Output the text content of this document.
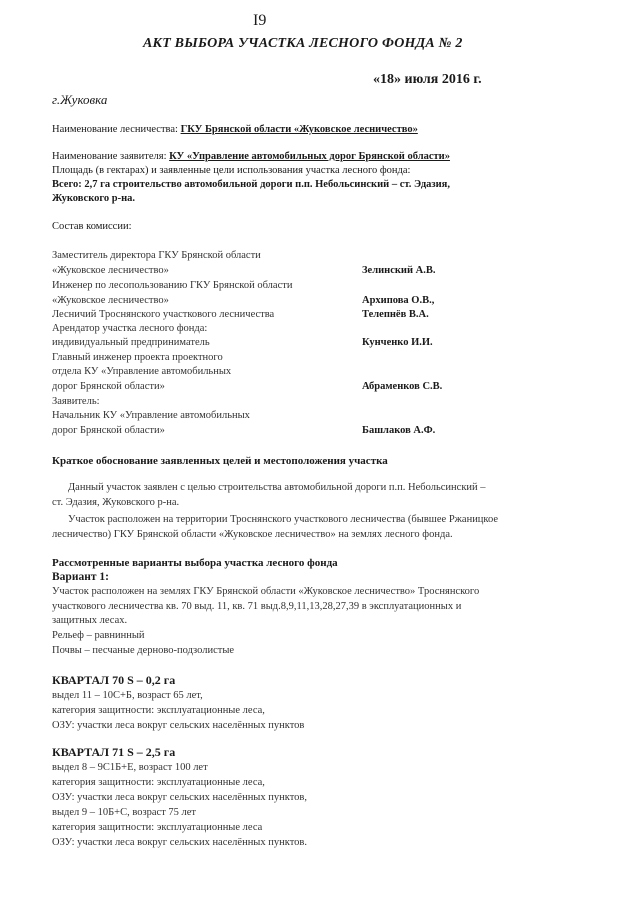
I9
АКТ ВЫБОРА УЧАСТКА ЛЕСНОГО ФОНДА № 2
«18» июля 2016 г.
г.Жуковка
Наименование лесничества: ГКУ Брянской области «Жуковское лесничество»
Наименование заявителя: КУ «Управление автомобильных дорог Брянской области»
Площадь (в гектарах) и заявленные цели использования участка лесного фонда:
Всего: 2,7 га строительство автомобильной дороги п.п. Небольсинский – ст. Эдазия,
Жуковского р-на.
Состав комиссии:
Заместитель директора ГКУ Брянской области
«Жуковское лесничество»	Зелинский А.В.
Инженер по лесопользованию ГКУ Брянской области
«Жуковское лесничество»	Архипова О.В.,
Лесничий Троснянского участкового лесничества	Телепнёв В.А.
Арендатор участка лесного фонда:
индивидуальный предприниматель	Кунченко И.И.
Главный инженер проекта проектного
отдела КУ «Управление автомобильных
дорог Брянской области»	Абраменков С.В.
Заявитель:
Начальник КУ «Управление автомобильных
дорог Брянской области»	Башлаков А.Ф.
Краткое обоснование заявленных целей и местоположения участка
Данный участок заявлен с целью строительства автомобильной дороги п.п. Небольсинский –
ст. Эдазия, Жуковского р-на.
Участок расположен на территории Троснянского участкового лесничества (бывшее Ржаницкое
лесничество) ГКУ Брянской области «Жуковское лесничество» на землях лесного фонда.
Рассмотренные варианты выбора участка лесного фонда
Вариант 1:
Участок расположен на землях ГКУ Брянской области «Жуковское лесничество» Троснянского
участкового лесничества кв. 70 выд. 11, кв. 71 выд.8,9,11,13,28,27,39 в эксплуатационных и
защитных лесах.
Рельеф – равнинный
Почвы – песчаные дерново-подзолистые
КВАРТАЛ 70 S – 0,2 га
выдел 11 – 10С+Б, возраст 65 лет,
категория защитности: эксплуатационные леса,
ОЗУ: участки леса вокруг сельских населённых пунктов
КВАРТАЛ 71 S – 2,5 га
выдел 8 – 9С1Б+Е, возраст 100 лет
категория защитности: эксплуатационные леса,
ОЗУ: участки леса вокруг сельских населённых пунктов,
выдел 9 – 10Б+С, возраст 75 лет
категория защитности: эксплуатационные леса
ОЗУ: участки леса вокруг сельских населённых пунктов.
